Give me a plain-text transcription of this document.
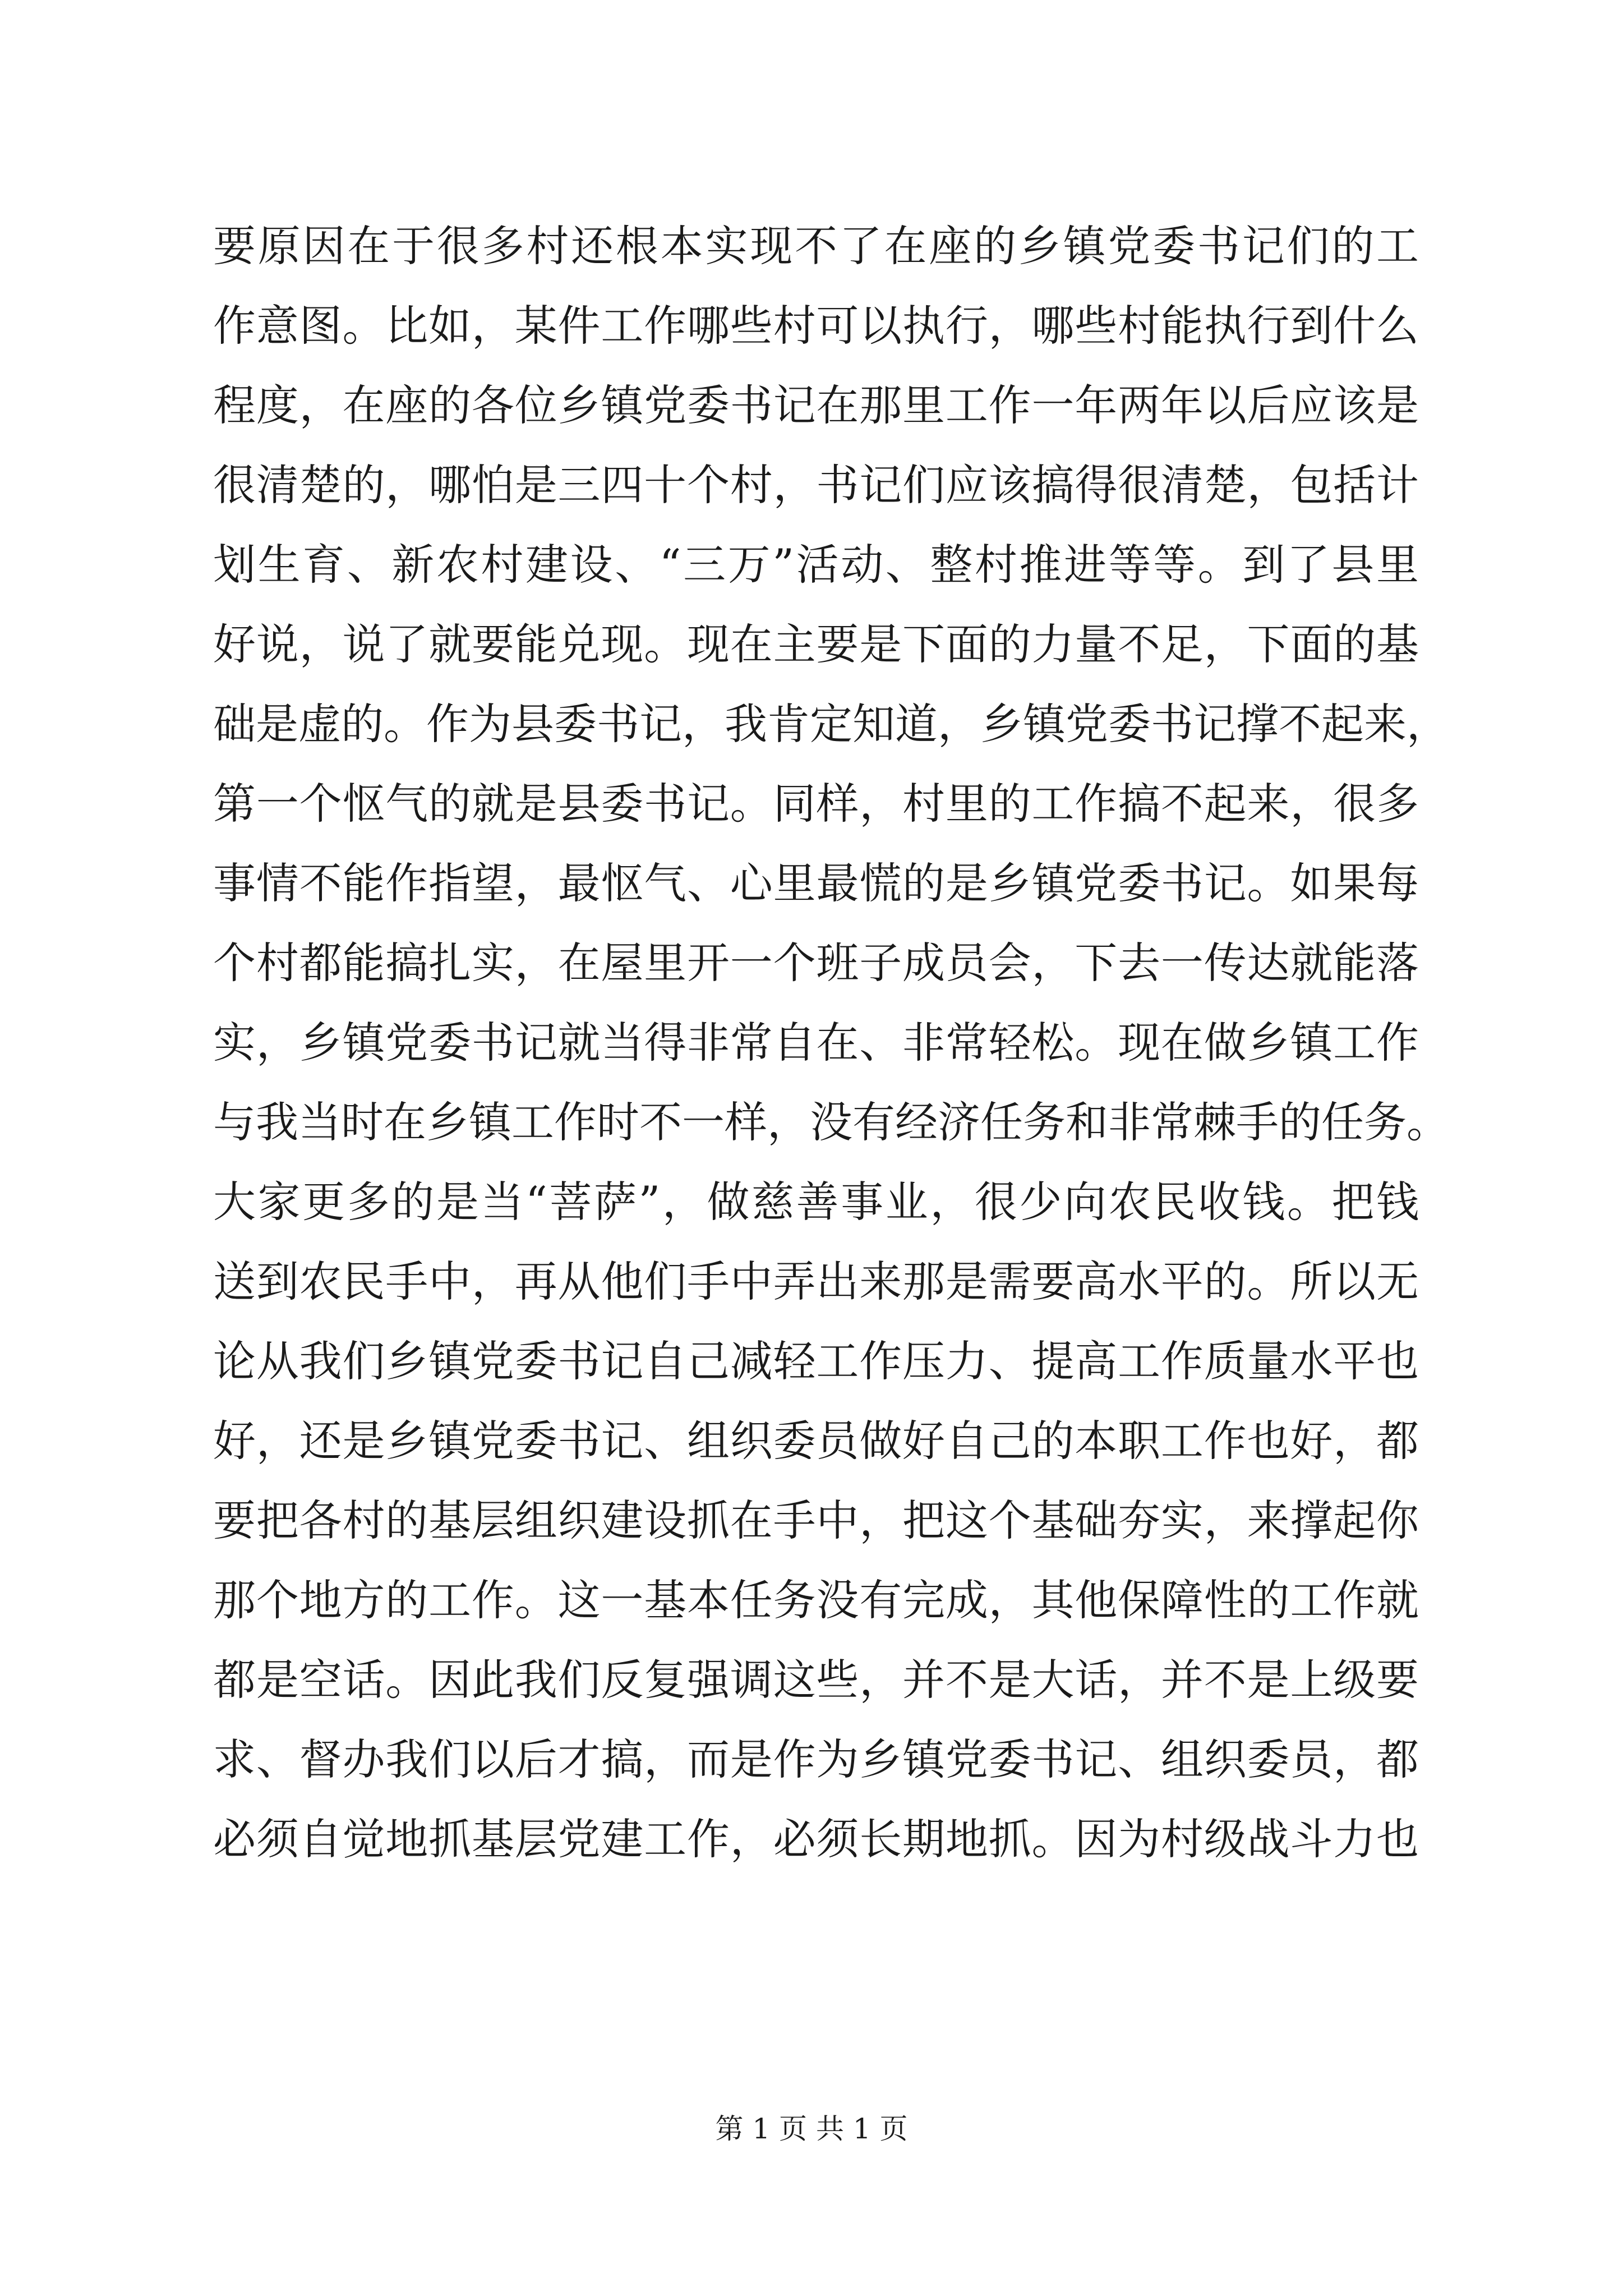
要原因在于很多村还根本实现不了在座的乡镇党委书记们的工
作意图。比如，某件工作哪些村可以执行，哪些村能执行到什么
程度，在座的各位乡镇党委书记在那里工作一年两年以后应该是
很清楚的，哪怕是三四十个村，书记们应该搞得很清楚，包括计
划生育、新农村建设、“三万”活动、整村推进等等。到了县里
好说，说了就要能兑现。现在主要是下面的力量不足，下面的基
础是虚的。作为县委书记，我肯定知道，乡镇党委书记撑不起来，
第一个怄气的就是县委书记。同样，村里的工作搞不起来，很多
事情不能作指望，最怄气、心里最慌的是乡镇党委书记。如果每
个村都能搞扎实，在屋里开一个班子成员会，下去一传达就能落
实，乡镇党委书记就当得非常自在、非常轻松。现在做乡镇工作
与我当时在乡镇工作时不一样，没有经济任务和非常棘手的任务。
大家更多的是当“菩萨”，做慈善事业，很少向农民收钱。把钱
送到农民手中，再从他们手中弄出来那是需要高水平的。所以无
论从我们乡镇党委书记自己减轻工作压力、提高工作质量水平也
好，还是乡镇党委书记、组织委员做好自己的本职工作也好，都
要把各村的基层组织建设抓在手中，把这个基础夯实，来撑起你
那个地方的工作。这一基本任务没有完成，其他保障性的工作就
都是空话。因此我们反复强调这些，并不是大话，并不是上级要
求、督办我们以后才搞，而是作为乡镇党委书记、组织委员，都
必须自觉地抓基层党建工作，必须长期地抓。因为村级战斗力也
第 1 页 共 1 页
